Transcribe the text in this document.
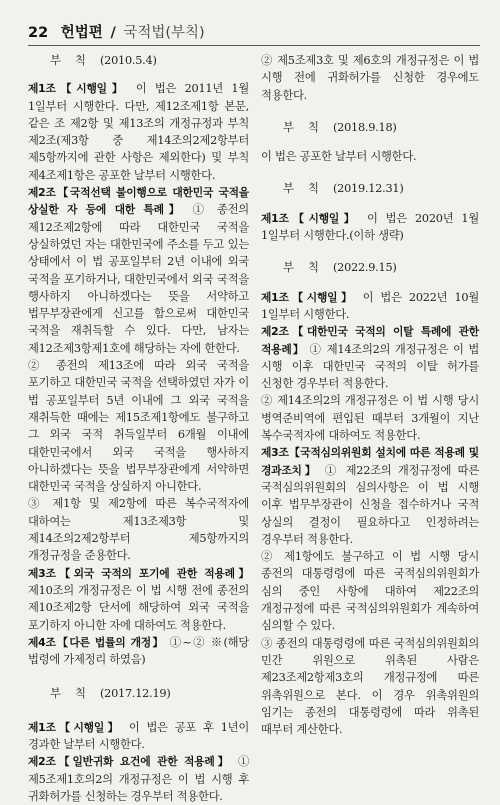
22 헌법편 / 국적법(부칙)
부 칙 (2010.5.4)
제1조【시행일】 이 법은 2011년 1월 1일부터 시행한다. 다만, 제12조제1항 본문, 같은 조 제2항 및 제13조의 개정규정과 부칙 제2조(제3항 중 제14조의2제2항부터 제5항까지에 관한 사항은 제외한다) 및 부칙 제4조제1항은 공포한 날부터 시행한다.
제2조【국적선택 불이행으로 대한민국 국적을 상실한 자 등에 대한 특례】 ① 종전의 제12조제2항에 따라 대한민국 국적을 상실하였던 자는 대한민국에 주소를 두고 있는 상태에서 이 법 공포일부터 2년 이내에 외국 국적을 포기하거나, 대한민국에서 외국 국적을 행사하지 아니하겠다는 뜻을 서약하고 법무부장관에게 신고를 함으로써 대한민국 국적을 재취득할 수 있다. 다만, 남자는 제12조제3항제1호에 해당하는 자에 한한다.
② 종전의 제13조에 따라 외국 국적을 포기하고 대한민국 국적을 선택하였던 자가 이 법 공포일부터 5년 이내에 그 외국 국적을 재취득한 때에는 제15조제1항에도 불구하고 그 외국 국적 취득일부터 6개월 이내에 대한민국에서 외국 국적을 행사하지 아니하겠다는 뜻을 법무부장관에게 서약하면 대한민국 국적을 상실하지 아니한다.
③ 제1항 및 제2항에 따른 복수국적자에 대하여는 제13조제3항 및 제14조의2제2항부터 제5항까지의 개정규정을 준용한다.
제3조【외국 국적의 포기에 관한 적용례】 제10조의 개정규정은 이 법 시행 전에 종전의 제10조제2항 단서에 해당하여 외국 국적을 포기하지 아니한 자에 대하여도 적용한다.
제4조【다른 법률의 개정】 ①~② ※(해당 법령에 가제정리 하였음)
부 칙 (2017.12.19)
제1조【시행일】 이 법은 공포 후 1년이 경과한 날부터 시행한다.
제2조【일반귀화 요건에 관한 적용례】 ① 제5조제1호의2의 개정규정은 이 법 시행 후 귀화허가를 신청하는 경우부터 적용한다.
② 제5조제3호 및 제6호의 개정규정은 이 법 시행 전에 귀화허가를 신청한 경우에도 적용한다.
부 칙 (2018.9.18)
이 법은 공포한 날부터 시행한다.
부 칙 (2019.12.31)
제1조【시행일】 이 법은 2020년 1월 1일부터 시행한다.(이하 생략)
부 칙 (2022.9.15)
제1조【시행일】 이 법은 2022년 10월 1일부터 시행한다.
제2조【대한민국 국적의 이탈 특례에 관한 적용례】 ① 제14조의2의 개정규정은 이 법 시행 이후 대한민국 국적의 이탈 허가를 신청한 경우부터 적용한다.
② 제14조의2의 개정규정은 이 법 시행 당시 병역준비역에 편입된 때부터 3개월이 지난 복수국적자에 대하여도 적용한다.
제3조【국적심의위원회 설치에 따른 적용례 및 경과조치】 ① 제22조의 개정규정에 따른 국적심의위원회의 심의사항은 이 법 시행 이후 법무부장관이 신청을 접수하거나 국적 상실의 결정이 필요하다고 인정하려는 경우부터 적용한다.
② 제1항에도 불구하고 이 법 시행 당시 종전의 대통령령에 따른 국적심의위원회가 심의 중인 사항에 대하여 제22조의 개정규정에 따른 국적심의위원회가 계속하여 심의할 수 있다.
③ 종전의 대통령령에 따른 국적심의위원회의 민간 위원으로 위촉된 사람은 제23조제2항제3호의 개정규정에 따른 위촉위원으로 본다. 이 경우 위촉위원의 임기는 종전의 대통령령에 따라 위촉된 때부터 계산한다.
